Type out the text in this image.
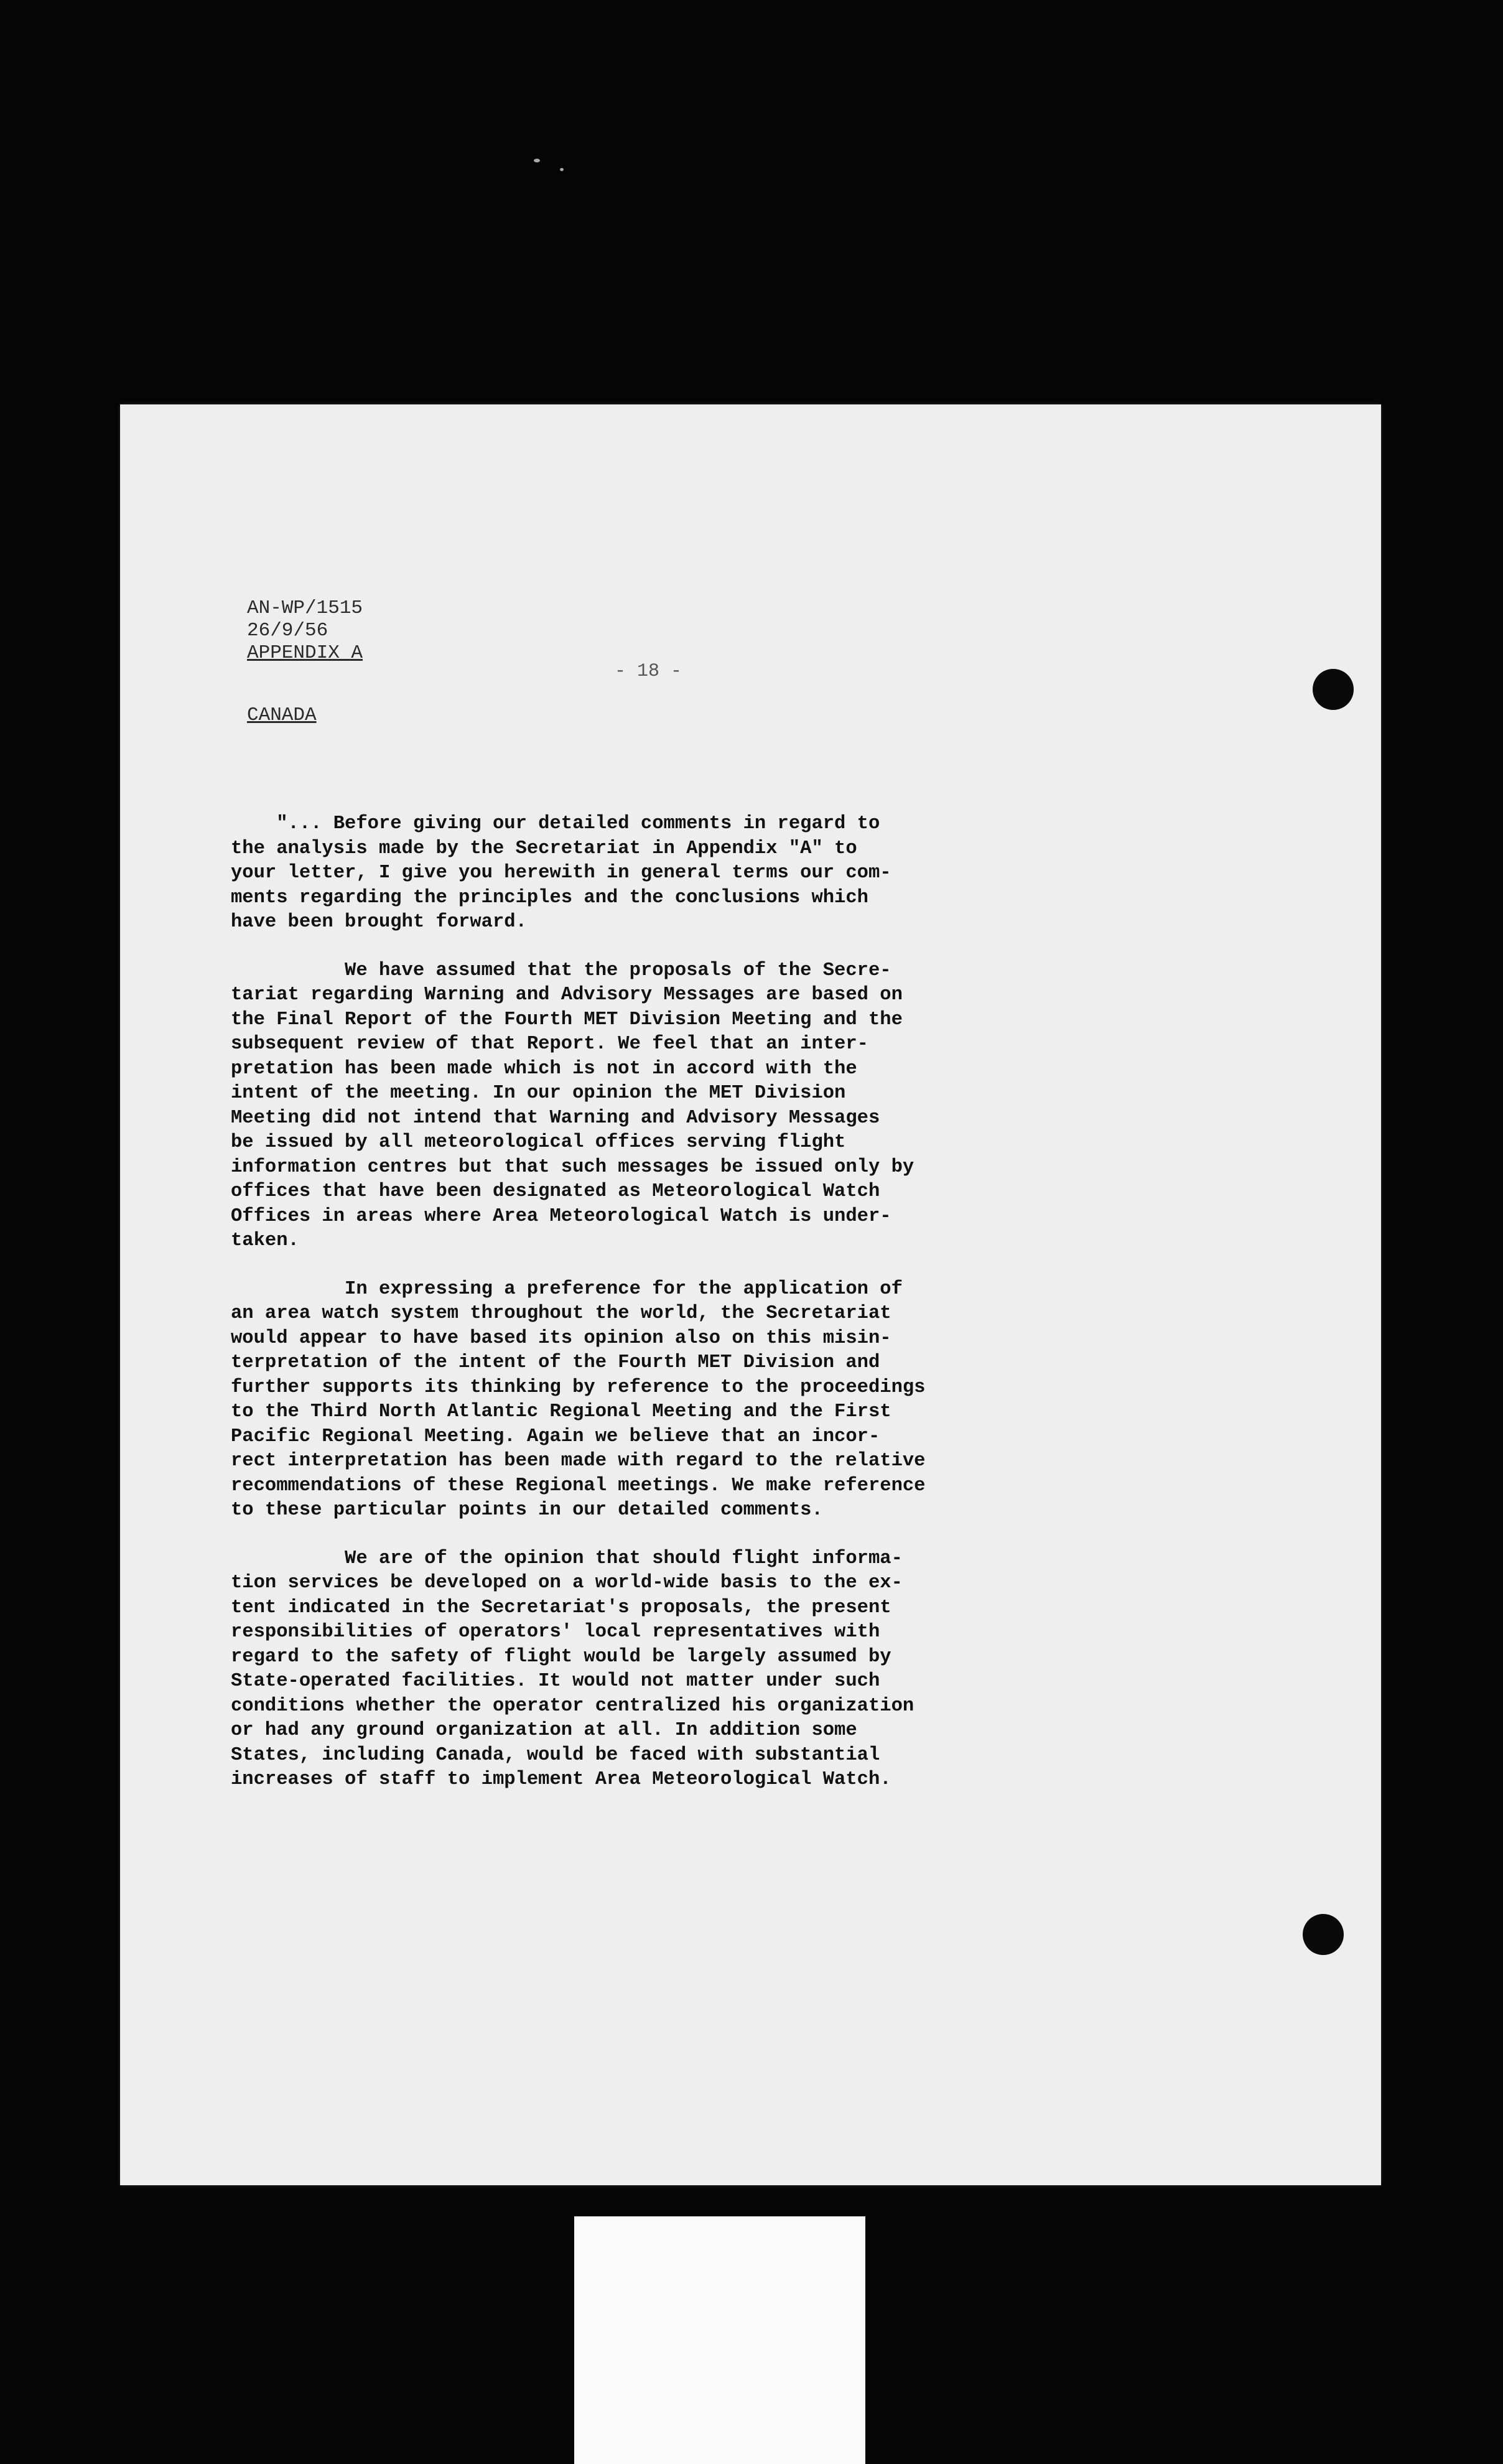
AN-WP/1515
26/9/56
APPENDIX A
- 18 -
CANADA
"... Before giving our detailed comments in regard to
the analysis made by the Secretariat in Appendix "A" to
your letter, I give you herewith in general terms our com-
ments regarding the principles and the conclusions which
have been brought forward.
We have assumed that the proposals of the Secre-
tariat regarding Warning and Advisory Messages are based on
the Final Report of the Fourth MET Division Meeting and the
subsequent review of that Report. We feel that an inter-
pretation has been made which is not in accord with the
intent of the meeting. In our opinion the MET Division
Meeting did not intend that Warning and Advisory Messages
be issued by all meteorological offices serving flight
information centres but that such messages be issued only by
offices that have been designated as Meteorological Watch
Offices in areas where Area Meteorological Watch is under-
taken.
In expressing a preference for the application of
an area watch system throughout the world, the Secretariat
would appear to have based its opinion also on this misin-
terpretation of the intent of the Fourth MET Division and
further supports its thinking by reference to the proceedings
to the Third North Atlantic Regional Meeting and the First
Pacific Regional Meeting. Again we believe that an incor-
rect interpretation has been made with regard to the relative
recommendations of these Regional meetings. We make reference
to these particular points in our detailed comments.
We are of the opinion that should flight informa-
tion services be developed on a world-wide basis to the ex-
tent indicated in the Secretariat's proposals, the present
responsibilities of operators' local representatives with
regard to the safety of flight would be largely assumed by
State-operated facilities. It would not matter under such
conditions whether the operator centralized his organization
or had any ground organization at all. In addition some
States, including Canada, would be faced with substantial
increases of staff to implement Area Meteorological Watch.
